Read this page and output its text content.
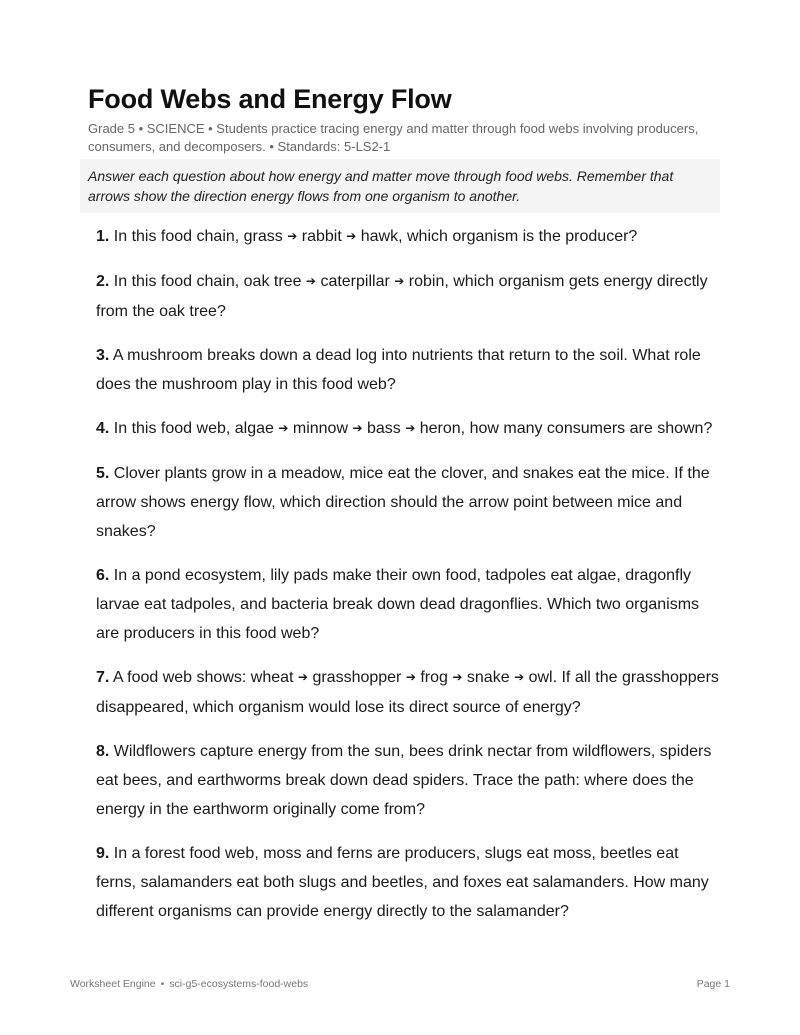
Food Webs and Energy Flow
Grade 5 • SCIENCE • Students practice tracing energy and matter through food webs involving producers, consumers, and decomposers. • Standards: 5-LS2-1
Answer each question about how energy and matter move through food webs. Remember that arrows show the direction energy flows from one organism to another.

1. In this food chain, grass ➔ rabbit ➔ hawk, which organism is the producer?

2. In this food chain, oak tree ➔ caterpillar ➔ robin, which organism gets energy directly from the oak tree?

3. A mushroom breaks down a dead log into nutrients that return to the soil. What role does the mushroom play in this food web?

4. In this food web, algae ➔ minnow ➔ bass ➔ heron, how many consumers are shown?

5. Clover plants grow in a meadow, mice eat the clover, and snakes eat the mice. If the arrow shows energy flow, which direction should the arrow point between mice and snakes?

6. In a pond ecosystem, lily pads make their own food, tadpoles eat algae, dragonfly larvae eat tadpoles, and bacteria break down dead dragonflies. Which two organisms are producers in this food web?

7. A food web shows: wheat ➔ grasshopper ➔ frog ➔ snake ➔ owl. If all the grasshoppers disappeared, which organism would lose its direct source of energy?

8. Wildflowers capture energy from the sun, bees drink nectar from wildflowers, spiders eat bees, and earthworms break down dead spiders. Trace the path: where does the energy in the earthworm originally come from?

9. In a forest food web, moss and ferns are producers, slugs eat moss, beetles eat ferns, salamanders eat both slugs and beetles, and foxes eat salamanders. How many different organisms can provide energy directly to the salamander?

Worksheet Engine • sci-g5-ecosystems-food-webs	Page 1
